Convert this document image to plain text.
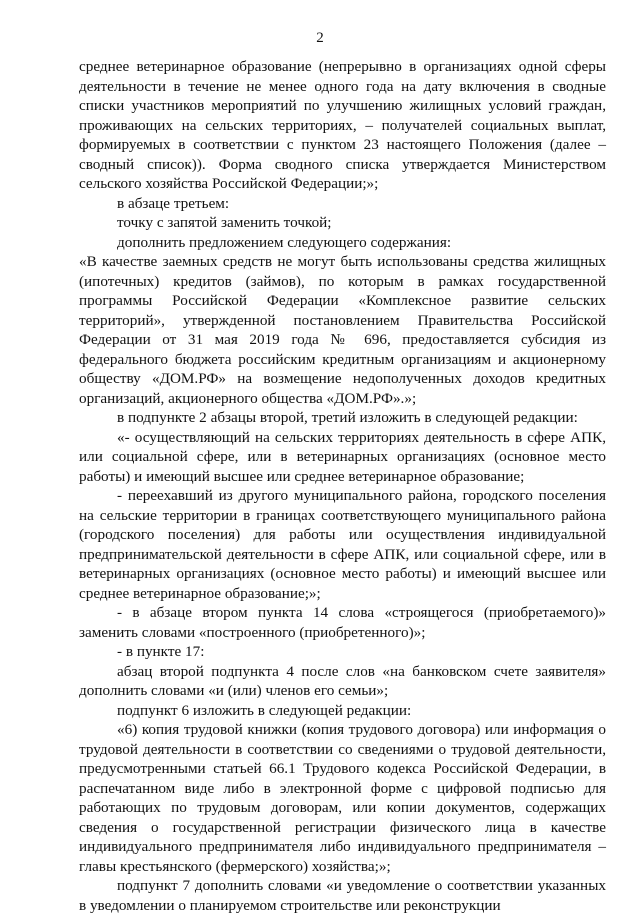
2

среднее ветеринарное образование (непрерывно в организациях одной сферы деятельности в течение не менее одного года на дату включения в сводные списки участников мероприятий по улучшению жилищных условий граждан, проживающих на сельских территориях, – получателей социальных выплат, формируемых в соответствии с пунктом 23 настоящего Положения (далее – сводный список)). Форма сводного списка утверждается Министерством сельского хозяйства Российской Федерации;»;

в абзаце третьем:

точку с запятой заменить точкой;

дополнить предложением следующего содержания:

«В качестве заемных средств не могут быть использованы средства жилищных (ипотечных) кредитов (займов), по которым в рамках государственной программы Российской Федерации «Комплексное развитие сельских территорий», утвержденной постановлением Правительства Российской Федерации от 31 мая 2019 года № 696, предоставляется субсидия из федерального бюджета российским кредитным организациям и акционерному обществу «ДОМ.РФ» на возмещение недополученных доходов кредитных организаций, акционерного общества «ДОМ.РФ».»;

в подпункте 2 абзацы второй, третий изложить в следующей редакции:

«- осуществляющий на сельских территориях деятельность в сфере АПК, или социальной сфере, или в ветеринарных организациях (основное место работы) и имеющий высшее или среднее ветеринарное образование;

- переехавший из другого муниципального района, городского поселения на сельские территории в границах соответствующего муниципального района (городского поселения) для работы или осуществления индивидуальной предпринимательской деятельности в сфере АПК, или социальной сфере, или в ветеринарных организациях (основное место работы) и имеющий высшее или среднее ветеринарное образование;»;

- в абзаце втором пункта 14 слова «строящегося (приобретаемого)» заменить словами «построенного (приобретенного)»;

- в пункте 17:

абзац второй подпункта 4 после слов «на банковском счете заявителя» дополнить словами «и (или) членов его семьи»;

подпункт 6 изложить в следующей редакции:

«6) копия трудовой книжки (копия трудового договора) или информация о трудовой деятельности в соответствии со сведениями о трудовой деятельности, предусмотренными статьей 66.1 Трудового кодекса Российской Федерации, в распечатанном виде либо в электронной форме с цифровой подписью для работающих по трудовым договорам, или копии документов, содержащих сведения о государственной регистрации физического лица в качестве индивидуального предпринимателя либо индивидуального предпринимателя – главы крестьянского (фермерского) хозяйства;»;

подпункт 7 дополнить словами «и уведомление о соответствии указанных в уведомлении о планируемом строительстве или реконструкции
